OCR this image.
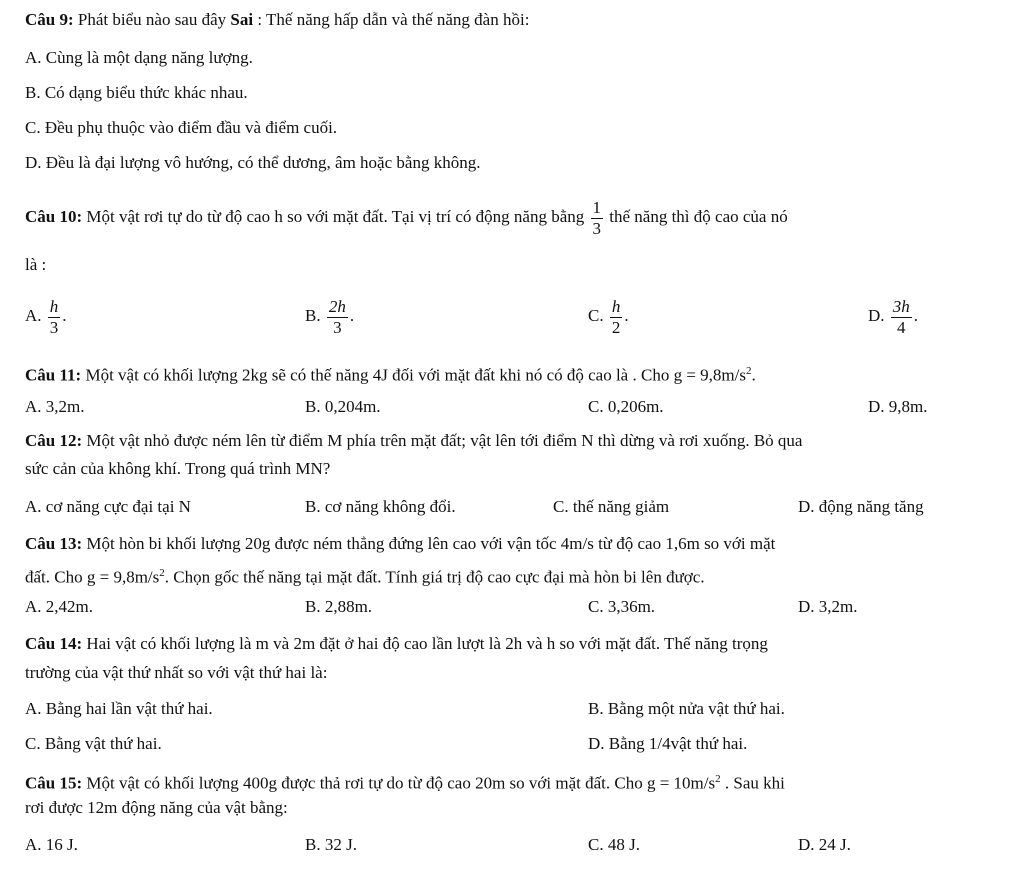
Câu 9: Phát biểu nào sau đây Sai : Thế năng hấp dẫn và thế năng đàn hồi:
A. Cùng là một dạng năng lượng.
B. Có dạng biểu thức khác nhau.
C. Đều phụ thuộc vào điểm đầu và điểm cuối.
D. Đều là đại lượng vô hướng, có thể dương, âm hoặc bằng không.
Câu 10: Một vật rơi tự do từ độ cao h so với mặt đất. Tại vị trí có động năng bằng $\frac{1}{3}$ thế năng thì độ cao của nó
là :
A. $\frac{h}{3}$ .	B. $\frac{2h}{3}$ .	C. $\frac{h}{2}$ .	D. $\frac{3h}{4}$ .
Câu 11: Một vật có khối lượng 2kg sẽ có thế năng 4J đối với mặt đất khi nó có độ cao là . Cho $g = 9,8m/s^2$.
A. 3,2m.	B. 0,204m.	C. 0,206m.	D. 9,8m.
Câu 12: Một vật nhỏ được ném lên từ điểm M phía trên mặt đất; vật lên tới điểm N thì dừng và rơi xuống. Bỏ qua
sức cản của không khí. Trong quá trình MN?
A. cơ năng cực đại tại N	B. cơ năng không đổi.	C. thế năng giảm	D. động năng tăng
Câu 13: Một hòn bi khối lượng 20g được ném thẳng đứng lên cao với vận tốc 4m/s từ độ cao 1,6m so với mặt
đất. Cho $g = 9,8m/s^2$. Chọn gốc thế năng tại mặt đất. Tính giá trị độ cao cực đại mà hòn bi lên được.
A. 2,42m.	B. 2,88m.	C. 3,36m.	D. 3,2m.
Câu 14: Hai vật có khối lượng là m và 2m đặt ở hai độ cao lần lượt là 2h và h so với mặt đất. Thế năng trọng
trường của vật thứ nhất so với vật thứ hai là:
A. Bằng hai lần vật thứ hai.	B. Bằng một nửa vật thứ hai.
C. Bằng vật thứ hai.	D. Bằng 1/4vật thứ hai.
Câu 15: Một vật có khối lượng 400g được thả rơi tự do từ độ cao 20m so với mặt đất. Cho $g = 10m/s^2$ . Sau khi
rơi được 12m động năng của vật bằng:
A. 16 J.	B. 32 J.	C. 48 J.	D. 24 J.
